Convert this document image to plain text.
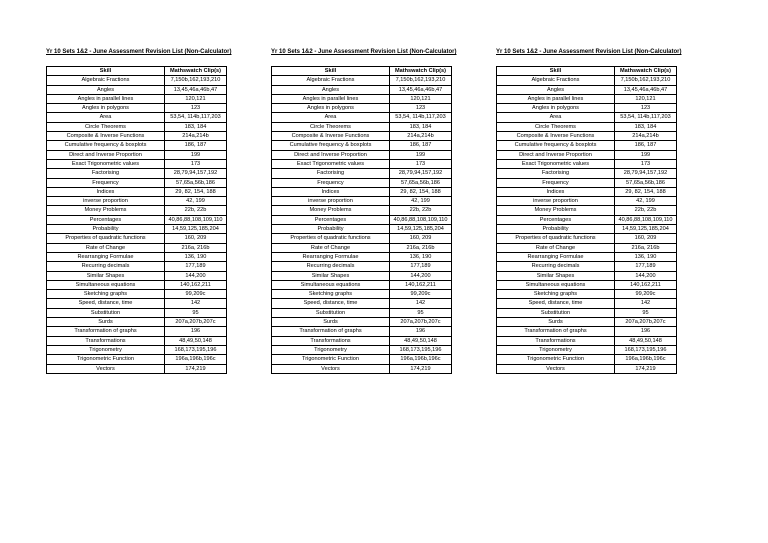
Yr 10 Sets 1&2 - June Assessment Revision List (Non-Calculator)
Skill	Mathswatch Clip(s)
Algebraic Fractions	7,150b,162,193,210
Angles	13,45,46a,46b,47
Angles in parallel lines	120,121
Angles in polygons	123
Area	53,54, 114b,117,203
Circle Theorems	183, 184
Composite & Inverse Functions	214a,214b
Cumulative frequency & boxplots	186, 187
Direct and Inverse Proportion	199
Exact Trigonometric values	173
Factorising	28,79,94,157,192
Frequency	57,65a,56b,186
Indices	29, 82, 154, 188
inverse proportion	42, 199
Money Problems	22b, 22b
Percentages	40,86,88,108,109,110
Probability	14,59,125,185,204
Properties of quadratic functions	160, 209
Rate of Change	216a, 216b
Rearranging Formulae	136, 190
Recurring decimals	177,189
Similar Shapes	144,200
Simultaneous equations	140,162,211
Sketching graphs	99,209c
Speed, distance, time	142
Substitution	95
Surds	207a,207b,207c
Transformation of graphs	196
Transformations	48,49,50,148
Trigonometry	168,173,195,196
Trigonometric Function	196a,196b,196c
Vectors	174,219
Yr 10 Sets 1&2 - June Assessment Revision List (Non-Calculator)
Skill	Mathswatch Clip(s)
Algebraic Fractions	7,150b,162,193,210
Angles	13,45,46a,46b,47
Angles in parallel lines	120,121
Angles in polygons	123
Area	53,54, 114b,117,203
Circle Theorems	183, 184
Composite & Inverse Functions	214a,214b
Cumulative frequency & boxplots	186, 187
Direct and Inverse Proportion	199
Exact Trigonometric values	173
Factorising	28,79,94,157,192
Frequency	57,65a,56b,186
Indices	29, 82, 154, 188
inverse proportion	42, 199
Money Problems	22b, 22b
Percentages	40,86,88,108,109,110
Probability	14,59,125,185,204
Properties of quadratic functions	160, 209
Rate of Change	216a, 216b
Rearranging Formulae	136, 190
Recurring decimals	177,189
Similar Shapes	144,200
Simultaneous equations	140,162,211
Sketching graphs	99,209c
Speed, distance, time	142
Substitution	95
Surds	207a,207b,207c
Transformation of graphs	196
Transformations	48,49,50,148
Trigonometry	168,173,195,196
Trigonometric Function	196a,196b,196c
Vectors	174,219
Yr 10 Sets 1&2 - June Assessment Revision List (Non-Calculator)
Skill	Mathswatch Clip(s)
Algebraic Fractions	7,150b,162,193,210
Angles	13,45,46a,46b,47
Angles in parallel lines	120,121
Angles in polygons	123
Area	53,54, 114b,117,203
Circle Theorems	183, 184
Composite & Inverse Functions	214a,214b
Cumulative frequency & boxplots	186, 187
Direct and Inverse Proportion	199
Exact Trigonometric values	173
Factorising	28,79,94,157,192
Frequency	57,65a,56b,186
Indices	29, 82, 154, 188
inverse proportion	42, 199
Money Problems	22b, 22b
Percentages	40,86,88,108,109,110
Probability	14,59,125,185,204
Properties of quadratic functions	160, 209
Rate of Change	216a, 216b
Rearranging Formulae	136, 190
Recurring decimals	177,189
Similar Shapes	144,200
Simultaneous equations	140,162,211
Sketching graphs	99,209c
Speed, distance, time	142
Substitution	95
Surds	207a,207b,207c
Transformation of graphs	196
Transformations	48,49,50,148
Trigonometry	168,173,195,196
Trigonometric Function	196a,196b,196c
Vectors	174,219
